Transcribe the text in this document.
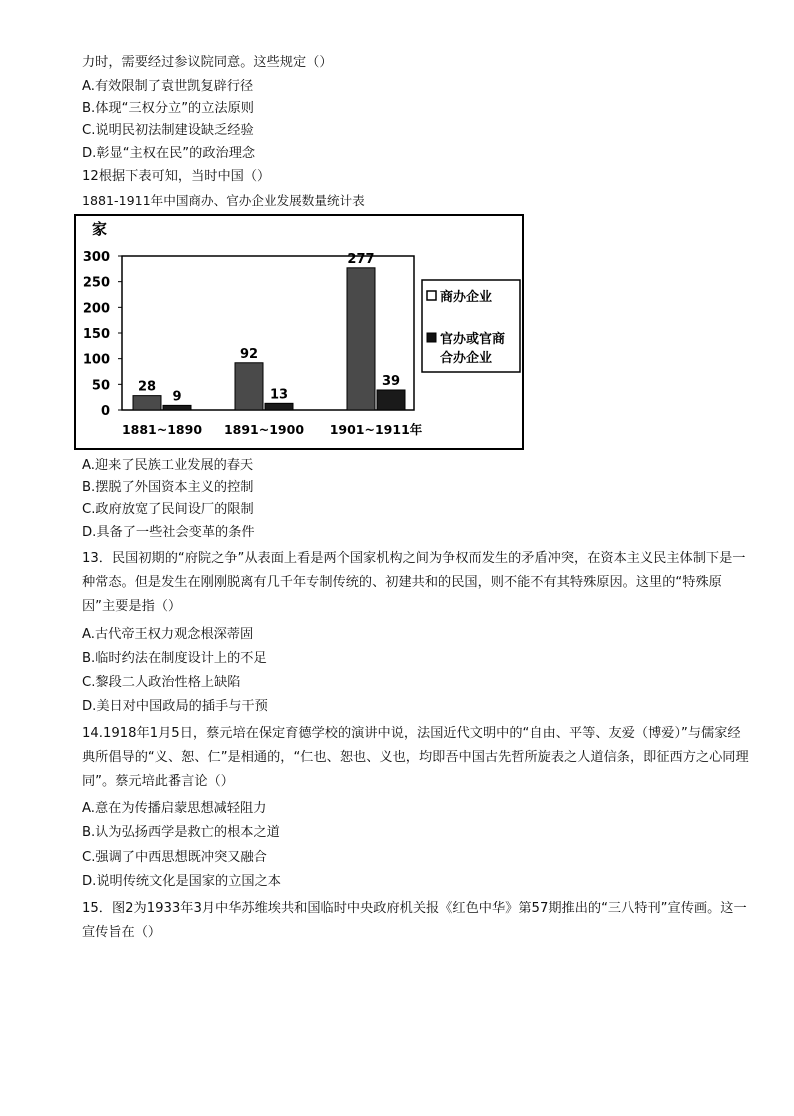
力时，需要经过参议院同意。这些规定（）
A.有效限制了袁世凯复辟行径
B.体现“三权分立”的立法原则
C.说明民初法制建设缺乏经验
D.彰显“主权在民”的政治理念
12根据下表可知，当时中国（）
1881-1911年中国商办、官办企业发展数量统计表
家
0
50
100
150
200
250
300
28
9
1881~1890
92
13
1891~1900
277
39
1901~1911年
商办企业
官办或官商
合办企业
A.迎来了民族工业发展的春天
B.摆脱了外国资本主义的控制
C.政府放宽了民间设厂的限制
D.具备了一些社会变革的条件
13．民国初期的“府院之争”从表面上看是两个国家机构之间为争权而发生的矛盾冲突，在资本主义民主体制下是一种常态。但是发生在刚刚脱离有几千年专制传统的、初建共和的民国，则不能不有其特殊原因。这里的“特殊原因”主要是指（）
A.古代帝王权力观念根深蒂固
B.临时约法在制度设计上的不足
C.黎段二人政治性格上缺陷
D.美日对中国政局的插手与干预
14.1918年1月5日，蔡元培在保定育德学校的演讲中说，法国近代文明中的“自由、平等、友爱（博爱）”与儒家经典所倡导的“义、恕、仁”是相通的，“仁也、恕也、义也，均即吾中国古先哲所旋表之人道信条，即征西方之心同理同”。蔡元培此番言论（）
A.意在为传播启蒙思想减轻阻力
B.认为弘扬西学是救亡的根本之道
C.强调了中西思想既冲突又融合
D.说明传统文化是国家的立国之本
15．图2为1933年3月中华苏维埃共和国临时中央政府机关报《红色中华》第57期推出的“三八特刊”宣传画。这一宣传旨在（）
